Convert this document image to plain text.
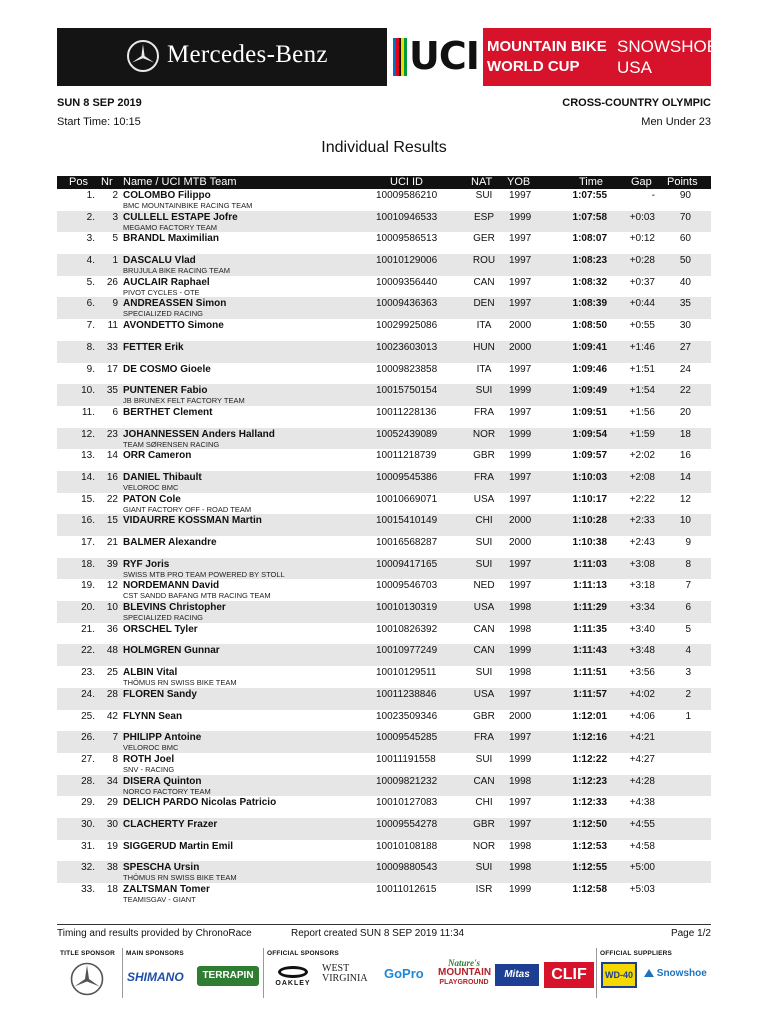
Mercedes-Benz UCI MOUNTAIN BIKE
WORLD CUP
SNOWSHOE
USA
SUN 8 SEP 2019
Start Time: 10:15
CROSS-COUNTRY OLYMPIC
Men Under 23
Individual Results
Pos Nr Name / UCI MTB Team	UCI ID	NAT YOB	Time	Gap Points
1. 2 COLOMBO Filippo
BMC MOUNTAINBIKE RACING TEAM
10009586210	SUI	1997	1:07:55	- 90
2. 3 CULLELL ESTAPE Jofre
MEGAMO FACTORY TEAM
10010946533	ESP	1999	1:07:58 +0:03 70
3. 5 BRANDL Maximilian	10009586513	GER	1997	1:08:07 +0:12 60
4. 1 DASCALU Vlad
BRUJULA BIKE RACING TEAM
10010129006	ROU	1997	1:08:23 +0:28 50
5. 26 AUCLAIR Raphael
PIVOT CYCLES - OTE
10009356440	CAN	1997	1:08:32 +0:37 40
6. 9 ANDREASSEN Simon
SPECIALIZED RACING
10009436363	DEN	1997	1:08:39 +0:44 35
7. 11 AVONDETTO Simone	10029925086	ITA	2000	1:08:50 +0:55 30
8. 33 FETTER Erik	10023603013	HUN	2000	1:09:41 +1:46 27
9. 17 DE COSMO Gioele	10009823858	ITA	1997	1:09:46 +1:51 24
10. 35 PUNTENER Fabio
JB BRUNEX FELT FACTORY TEAM
10015750154	SUI	1999	1:09:49 +1:54 22
11. 6 BERTHET Clement	10011228136	FRA	1997	1:09:51 +1:56 20
12. 23 JOHANNESSEN Anders Halland
TEAM SØRENSEN RACING
10052439089	NOR	1999	1:09:54 +1:59 18
13. 14 ORR Cameron	10011218739	GBR	1999	1:09:57 +2:02 16
14. 16 DANIEL Thibault
VELOROC BMC
10009545386	FRA	1997	1:10:03 +2:08 14
15. 22 PATON Cole
GIANT FACTORY OFF - ROAD TEAM
10010669071	USA	1997	1:10:17 +2:22 12
16. 15 VIDAURRE KOSSMAN Martin	10015410149	CHI	2000	1:10:28 +2:33 10
17. 21 BALMER Alexandre	10016568287	SUI	2000	1:10:38 +2:43	9
18. 39 RYF Joris
SWISS MTB PRO TEAM POWERED BY STOLL
10009417165	SUI	1997	1:11:03 +3:08	8
19. 12 NORDEMANN David
CST SANDD BAFANG MTB RACING TEAM
10009546703	NED	1997	1:11:13 +3:18	7
20. 10 BLEVINS Christopher
SPECIALIZED RACING
10010130319	USA	1998	1:11:29 +3:34	6
21. 36 ORSCHEL Tyler	10010826392	CAN	1998	1:11:35 +3:40	5
22. 48 HOLMGREN Gunnar	10010977249	CAN	1999	1:11:43 +3:48	4
23. 25 ALBIN Vital
THÖMUS RN SWISS BIKE TEAM
10010129511	SUI	1998	1:11:51 +3:56	3
24. 28 FLOREN Sandy	10011238846	USA	1997	1:11:57 +4:02	2
25. 42 FLYNN Sean	10023509346	GBR	2000	1:12:01 +4:06	1
26. 7 PHILIPP Antoine
VELOROC BMC
10009545285	FRA	1997	1:12:16 +4:21
27. 8 ROTH Joel
SNV - RACING
10011191558	SUI	1999	1:12:22 +4:27
28. 34 DISERA Quinton
NORCO FACTORY TEAM
10009821232	CAN	1998	1:12:23 +4:28
29. 29 DELICH PARDO Nicolas Patricio	10010127083	CHI	1997	1:12:33 +4:38
30. 30 CLACHERTY Frazer	10009554278	GBR	1997	1:12:50 +4:55
31. 19 SIGGERUD Martin Emil	10010108188	NOR	1998	1:12:53 +4:58
32. 38 SPESCHA Ursin
THÖMUS RN SWISS BIKE TEAM
10009880543	SUI	1998	1:12:55 +5:00
33. 18 ZALTSMAN Tomer
TEAMISGAV - GIANT
10011012615	ISR	1999	1:12:58 +5:03
Timing and results provided by ChronoRace	Report created SUN 8 SEP 2019 11:34	Page 1/2
TITLE SPONSOR MAIN SPONSORS	OFFICIAL SPONSORS	OFFICIAL SUPPLIERS
SHIMANO	TERRAPIN
OAKLEY
WEST
VIRGINIA GoPro
Nature's
MOUNTAIN
PLAYGROUND
Mitas	CLIF	WD-40	Snowshoe
